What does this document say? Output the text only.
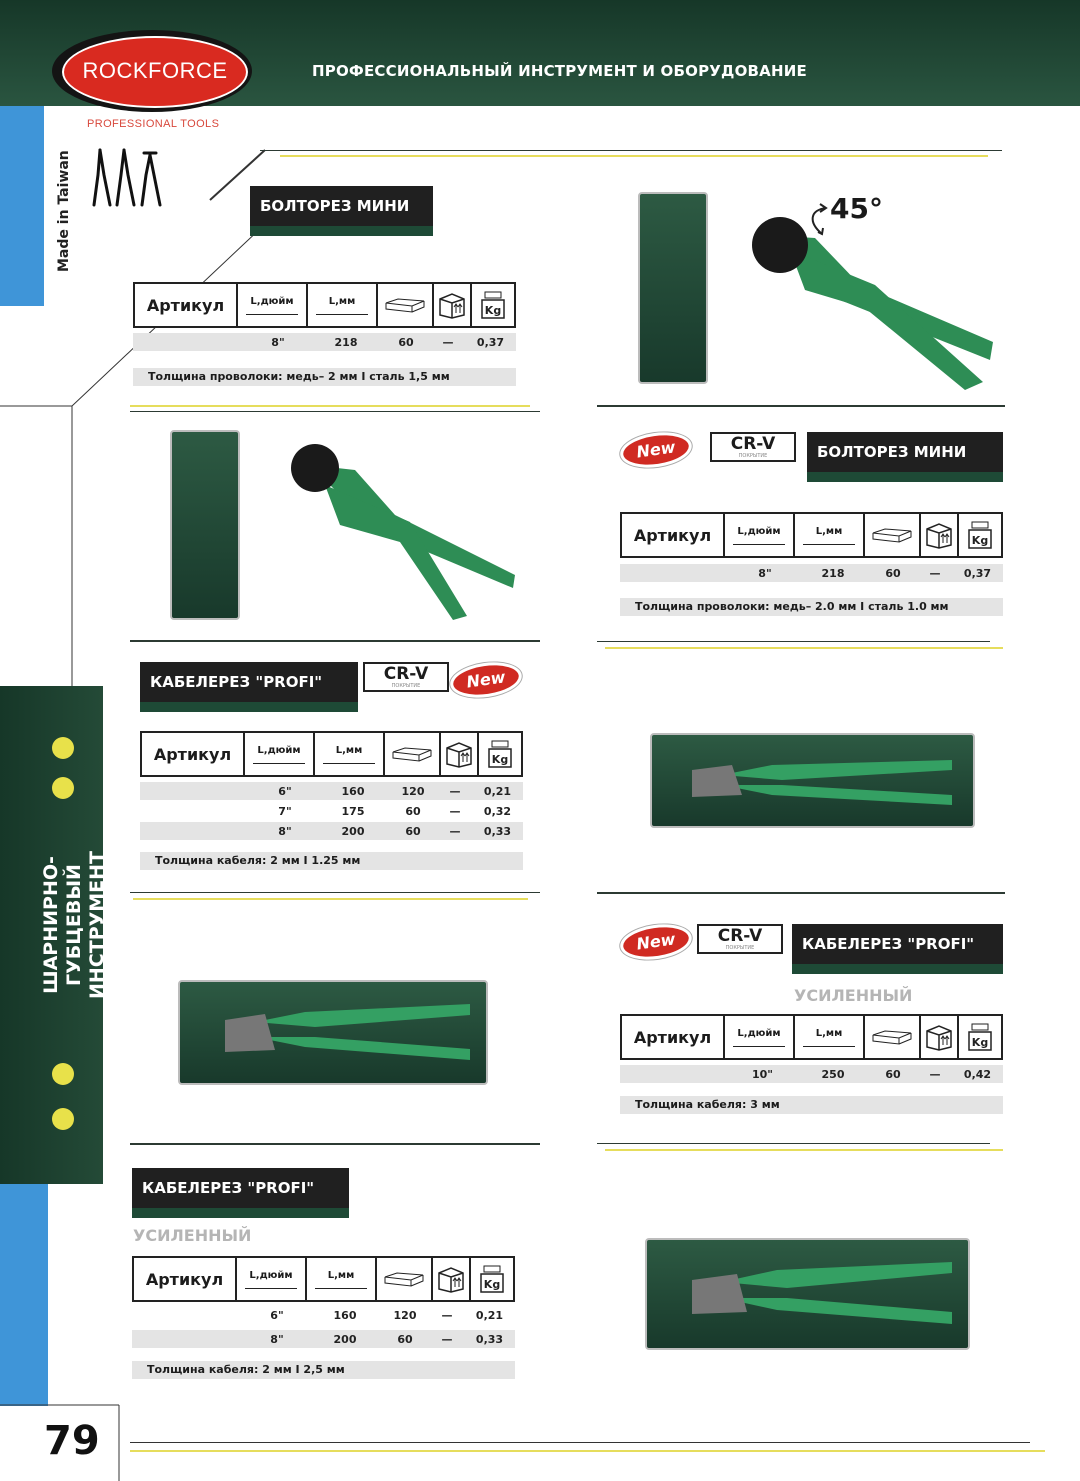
ROCKFORCE
PROFESSIONAL TOOLS
ПРОФЕССИОНАЛЬНЫЙ ИНСТРУМЕНТ И ОБОРУДОВАНИЕ
Made in Taiwan
ШАРНИРНО-ГУБЦЕВЫЙ ИНСТРУМЕНТ
79
БОЛТОРЕЗ МИНИ
Артикул	L,дюйм	L,мм
Kg
8"	218	60	—	0,37
Толщина проволоки: медь– 2 мм I сталь 1,5 мм
45°
New	CR-V
ПОКРЫТИЕ	БОЛТОРЕЗ МИНИ
Артикул	L,дюйм	L,мм
Kg
8"	218	60	—	0,37
Толщина проволоки: медь– 2.0 мм I сталь 1.0 мм
КАБЕЛЕРЕЗ "PROFI"	CR-V
ПОКРЫТИЕ	New
Артикул	L,дюйм	L,мм
Kg
6"	160	120	—	0,21
7"	175	60	—	0,32
8"	200	60	—	0,33
Толщина кабеля: 2 мм I 1.25 мм
New	CR-V
ПОКРЫТИЕ	КАБЕЛЕРЕЗ "PROFI"
УСИЛЕННЫЙ
Артикул	L,дюйм	L,мм
Kg
10"	250	60	—	0,42
Толщина кабеля: 3 мм
КАБЕЛЕРЕЗ "PROFI"
УСИЛЕННЫЙ
Артикул	L,дюйм	L,мм
Kg
6"	160	120	—	0,21
8"	200	60	—	0,33
Толщина кабеля: 2 мм I 2,5 мм
